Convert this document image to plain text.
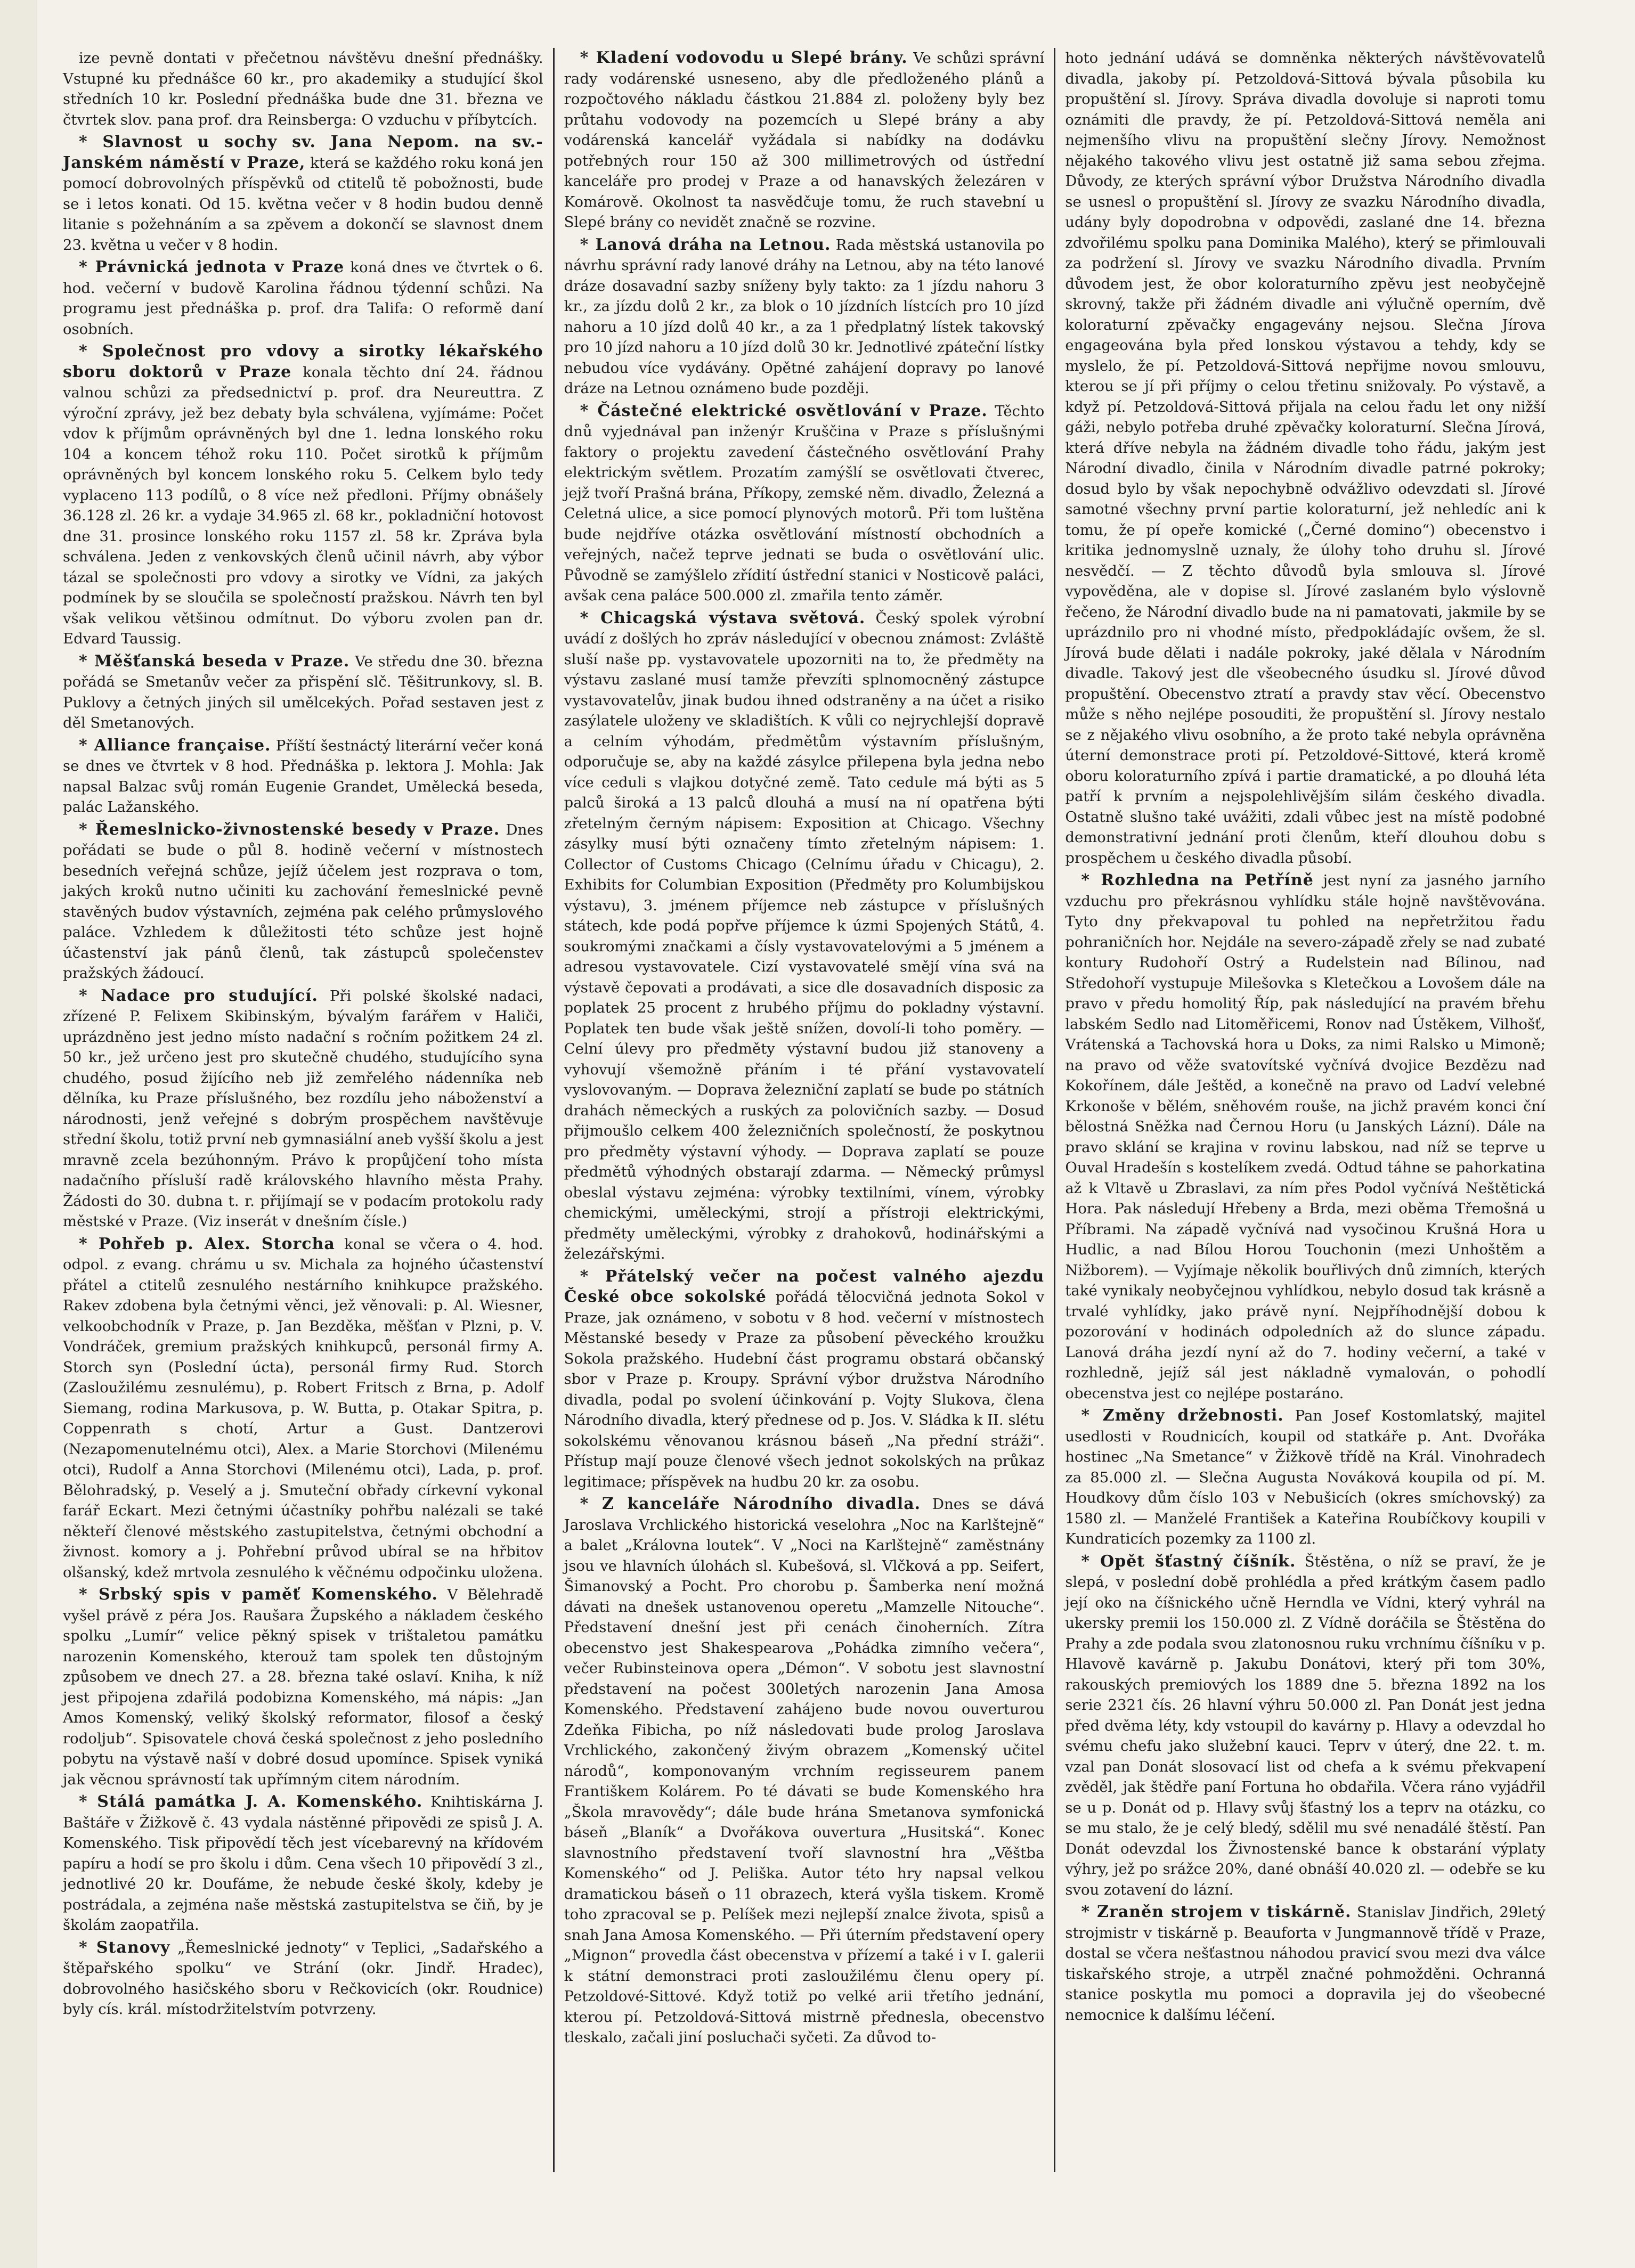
ize pevně dontati v přečetnou návštěvu dnešní přednášky. Vstupné ku přednášce 60 kr., pro akademiky a studující škol středních 10 kr. Poslední přednáška bude dne 31. března ve čtvrtek slov. pana prof. dra Reinsberga: O vzduchu v příbytcích.

* Slavnost u sochy sv. Jana Nepom. na sv.-Janském náměstí v Praze, která se každého roku koná jen pomocí dobrovolných příspěvků od ctitelů tě pobožnosti, bude se i letos konati. Od 15. května večer v 8 hodin budou denně litanie s požehnáním a sa zpěvem a dokončí se slavnost dnem 23. května u večer v 8 hodin.

* Právnická jednota v Praze koná dnes ve čtvrtek o 6. hod. večerní v budově Karolina řádnou týdenní schůzi. Na programu jest přednáška p. prof. dra Talifa: O reformě daní osobních.

* Společnost pro vdovy a sirotky lékařského sboru doktorů v Praze konala těchto dní 24. řádnou valnou schůzi za předsednictví p. prof. dra Neureuttra. Z výroční zprávy, jež bez debaty byla schválena, vyjímáme: Počet vdov k příjmům oprávněných byl dne 1. ledna lonského roku 104 a koncem téhož roku 110. Počet sirotků k příjmům oprávněných byl koncem lonského roku 5. Celkem bylo tedy vyplaceno 113 podílů, o 8 více než předloni. Příjmy obnášely 36.128 zl. 26 kr. a vydaje 34.965 zl. 68 kr., pokladniční hotovost dne 31. prosince lonského roku 1157 zl. 58 kr. Zpráva byla schválena. Jeden z venkovských členů učinil návrh, aby výbor tázal se společnosti pro vdovy a sirotky ve Vídni, za jakých podmínek by se sloučila se společností pražskou. Návrh ten byl však velikou většinou odmítnut. Do výboru zvolen pan dr. Edvard Taussig.

* Měšťanská beseda v Praze. Ve středu dne 30. března pořádá se Smetanův večer za přispění slč. Těšitrunkovy, sl. B. Puklovy a četných jiných sil umělcekých. Pořad sestaven jest z děl Smetanových.

* Alliance française. Příští šestnáctý literární večer koná se dnes ve čtvrtek v 8 hod. Přednáška p. lektora J. Mohla: Jak napsal Balzac svůj román Eugenie Grandet, Umělecká beseda, palác Lažanského.

* Řemeslnicko-živnostenské besedy v Praze. Dnes pořádati se bude o půl 8. hodině večerní v místnostech besedních veřejná schůze, jejíž účelem jest rozprava o tom, jakých kroků nutno učiniti ku zachování řemeslnické pevně stavěných budov výstavních, zejména pak celého průmyslového paláce. Vzhledem k důležitosti této schůze jest hojně účastenství jak pánů členů, tak zástupců společenstev pražských žádoucí.

* Nadace pro studující. Při polské školské nadaci, zřízené P. Felixem Skibinským, bývalým farářem v Haliči, uprázdněno jest jedno místo nadační s ročním požitkem 24 zl. 50 kr., jež určeno jest pro skutečně chudého, studujícího syna chudého, posud žijícího neb již zemřelého nádenníka neb dělníka, ku Praze příslušného, bez rozdílu jeho náboženství a národnosti, jenž veřejné s dobrým prospěchem navštěvuje střední školu, totiž první neb gymnasiální aneb vyšší školu a jest mravně zcela bezúhonným. Právo k propůjčení toho místa nadačního přísluší radě královského hlavního města Prahy. Žádosti do 30. dubna t. r. přijímají se v podacím protokolu rady městské v Praze. (Viz inserát v dnešním čísle.)

* Pohřeb p. Alex. Storcha konal se včera o 4. hod. odpol. z evang. chrámu u sv. Michala za hojného účastenství přátel a ctitelů zesnulého nestárního knihkupce pražského. Rakev zdobena byla četnými věnci, jež věnovali: p. Al. Wiesner, velkoobchodník v Praze, p. Jan Bezděka, měšťan v Plzni, p. V. Vondráček, gremium pražských knihkupců, personál firmy A. Storch syn (Poslední úcta), personál firmy Rud. Storch (Zasloužilému zesnulému), p. Robert Fritsch z Brna, p. Adolf Siemang, rodina Markusova, p. W. Butta, p. Otakar Spitra, p. Coppenrath s chotí, Artur a Gust. Dantzerovi (Nezapomenutelnému otci), Alex. a Marie Storchovi (Milenému otci), Rudolf a Anna Storchovi (Milenému otci), Lada, p. prof. Bělohradský, p. Veselý a j. Smuteční obřady církevní vykonal farář Eckart. Mezi četnými účastníky pohřbu nalézali se také někteří členové městského zastupitelstva, četnými obchodní a živnost. komory a j. Pohřební průvod ubíral se na hřbitov olšanský, kdež mrtvola zesnulého k věčnému odpočinku uložena.

* Srbský spis v paměť Komenského. V Bělehradě vyšel právě z péra Jos. Raušara Župského a nákladem českého spolku „Lumír“ velice pěkný spisek v trištaletou památku narozenin Komenského, kterouž tam spolek ten důstojným způsobem ve dnech 27. a 28. března také oslaví. Kniha, k níž jest připojena zdařilá podobizna Komenského, má nápis: „Jan Amos Komenský, veliký školský reformator, filosof a český rodoljub“. Spisovatele chová česká společnost z jeho posledního pobytu na výstavě naší v dobré dosud upomínce. Spisek vyniká jak věcnou správností tak upřímným citem národním.

* Stálá památka J. A. Komenského. Knihtiskárna J. Baštáře v Žižkově č. 43 vydala nástěnné připovědi ze spisů J. A. Komenského. Tisk připovědí těch jest vícebarevný na křídovém papíru a hodí se pro školu i dům. Cena všech 10 připovědí 3 zl., jednotlivé 20 kr. Doufáme, že nebude české školy, kdeby je postrádala, a zejména naše městská zastupitelstva se čiň, by je školám zaopatřila.

* Stanovy „Řemeslnické jednoty“ v Teplici, „Sadařského a štěpařského spolku“ ve Strání (okr. Jindř. Hradec), dobrovolného hasičského sboru v Rečkovicích (okr. Roudnice) byly cís. král. místodržitelstvím potvrzeny.

* Kladení vodovodu u Slepé brány. Ve schůzi správní rady vodárenské usneseno, aby dle předloženého plánů a rozpočtového nákladu částkou 21.884 zl. položeny byly bez průtahu vodovody na pozemcích u Slepé brány a aby vodárenská kancelář vyžádala si nabídky na dodávku potřebných rour 150 až 300 millimetrových od ústřední kanceláře pro prodej v Praze a od hanavských železáren v Komárově. Okolnost ta nasvědčuje tomu, že ruch stavební u Slepé brány co nevidět značně se rozvine.

* Lanová dráha na Letnou. Rada městská ustanovila po návrhu správní rady lanové dráhy na Letnou, aby na této lanové dráze dosavadní sazby sníženy byly takto: za 1 jízdu nahoru 3 kr., za jízdu dolů 2 kr., za blok o 10 jízdních lístcích pro 10 jízd nahoru a 10 jízd dolů 40 kr., a za 1 předplatný lístek takovský pro 10 jízd nahoru a 10 jízd dolů 30 kr. Jednotlivé zpáteční lístky nebudou více vydávány. Opětné zahájení dopravy po lanové dráze na Letnou oznámeno bude později.

* Částečné elektrické osvětlování v Praze. Těchto dnů vyjednával pan inženýr Kruščina v Praze s příslušnými faktory o projektu zavedení částečného osvětlování Prahy elektrickým světlem. Prozatím zamýšlí se osvětlovati čtverec, jejž tvoří Prašná brána, Příkopy, zemské něm. divadlo, Železná a Celetná ulice, a sice pomocí plynových motorů. Při tom luštěna bude nejdříve otázka osvětlování místností obchodních a veřejných, načež teprve jednati se buda o osvětlování ulic. Původně se zamýšlelo zřídití ústřední stanici v Nosticově paláci, avšak cena paláce 500.000 zl. zmařila tento záměr.

* Chicagská výstava světová. Český spolek výrobní uvádí z došlých ho zpráv následující v obecnou známost: Zvláště sluší naše pp. vystavovatele upozorniti na to, že předměty na výstavu zaslané musí tamže převzíti splnomocněný zástupce vystavovatelův, jinak budou ihned odstraněny a na účet a risiko zasýlatele uloženy ve skladištích. K vůli co nejrychlejší dopravě a celním výhodám, předmětům výstavním příslušným, odporučuje se, aby na každé zásylce přilepena byla jedna nebo více ceduli s vlajkou dotyčné země. Tato cedule má býti as 5 palců široká a 13 palců dlouhá a musí na ní opatřena býti zřetelným černým nápisem: Exposition at Chicago. Všechny zásylky musí býti označeny tímto zřetelným nápisem: 1. Collector of Customs Chicago (Celnímu úřadu v Chicagu), 2. Exhibits for Columbian Exposition (Předměty pro Kolumbijskou výstavu), 3. jménem příjemce neb zástupce v příslušných státech, kde podá popřve příjemce k úzmi Spojených Států, 4. soukromými značkami a čísly vystavovatelovými a 5 jménem a adresou vystavovatele. Cizí vystavovatelé smějí vína svá na výstavě čepovati a prodávati, a sice dle dosavadních disposic za poplatek 25 procent z hrubého příjmu do pokladny výstavní. Poplatek ten bude však ještě snížen, dovolí-li toho poměry. — Celní úlevy pro předměty výstavní budou již stanoveny a vyhovují všemožně přáním i té přání vystavovatelí vyslovovaným. — Doprava železniční zaplatí se bude po státních drahách německých a ruských za polovičních sazby. — Dosud přijmoušlo celkem 400 železničních společností, že poskytnou pro předměty výstavní výhody. — Doprava zaplatí se pouze předmětů výhodných obstarají zdarma. — Německý průmysl obeslal výstavu zejména: výrobky textilními, vínem, výrobky chemickými, uměleckými, strojí a přístroji elektrickými, předměty uměleckými, výrobky z drahokovů, hodinářskými a železářskými.

* Přátelský večer na počest valného ajezdu České obce sokolské pořádá tělocvičná jednota Sokol v Praze, jak oznámeno, v sobotu v 8 hod. večerní v místnostech Městanské besedy v Praze za působení pěveckého kroužku Sokola pražského. Hudební část programu obstará občanský sbor v Praze p. Kroupy. Správní výbor družstva Národního divadla, podal po svolení účinkování p. Vojty Slukova, člena Národního divadla, který přednese od p. Jos. V. Sládka k II. slétu sokolskému věnovanou krásnou báseň „Na přední stráži“. Přístup mají pouze členové všech jednot sokolských na průkaz legitimace; příspěvek na hudbu 20 kr. za osobu.

* Z kanceláře Národního divadla. Dnes se dává Jaroslava Vrchlického historická veselohra „Noc na Karlštejně“ a balet „Královna loutek“. V „Noci na Karlštejně“ zaměstnány jsou ve hlavních úlohách sl. Kubešová, sl. Vlčková a pp. Seifert, Šimanovský a Pocht. Pro chorobu p. Šamberka není možná dávati na dnešek ustanovenou operetu „Mamzelle Nitouche“. Představení dnešní jest při cenách činoherních. Zítra obecenstvo jest Shakespearova „Pohádka zimního večera“, večer Rubinsteinova opera „Démon“. V sobotu jest slavnostní představení na počest 300letých narozenin Jana Amosa Komenského. Představení zahájeno bude novou ouverturou Zdeňka Fibicha, po níž následovati bude prolog Jaroslava Vrchlického, zakončený živým obrazem „Komenský učitel národů“, komponovaným vrchním regisseurem panem Františkem Kolárem. Po té dávati se bude Komenského hra „Škola mravovědy“; dále bude hrána Smetanova symfonická báseň „Blaník“ a Dvořákova ouvertura „Husitská“. Konec slavnostního představení tvoří slavnostní hra „Věštba Komenského“ od J. Peliška. Autor této hry napsal velkou dramatickou báseň o 11 obrazech, která vyšla tiskem. Kromě toho zpracoval se p. Pelíšek mezi nejlepší znalce života, spisů a snah Jana Amosa Komenského. — Při úterním představení opery „Mignon“ provedla část obecenstva v přízemí a také i v I. galerii k státní demonstraci proti zasloužilému členu opery pí. Petzoldové-Sittové. Když totiž po velké arii třetího jednání, kterou pí. Petzoldová-Sittová mistrně přednesla, obecenstvo tleskalo, začali jiní posluchači syčeti. Za důvod to-

hoto jednání udává se domněnka některých návštěvovatelů divadla, jakoby pí. Petzoldová-Sittová bývala působila ku propuštění sl. Jírovy. Správa divadla dovoluje si naproti tomu oznámiti dle pravdy, že pí. Petzoldová-Sittová neměla ani nejmenšího vlivu na propuštění slečny Jírovy. Nemožnost nějakého takového vlivu jest ostatně již sama sebou zřejma. Důvody, ze kterých správní výbor Družstva Národního divadla se usnesl o propuštění sl. Jírovy ze svazku Národního divadla, udány byly dopodrobna v odpovědi, zaslané dne 14. března zdvořilému spolku pana Dominika Malého), který se přimlouvali za podržení sl. Jírovy ve svazku Národního divadla. Prvním důvodem jest, že obor koloraturního zpěvu jest neobyčejně skrovný, takže při žádném divadle ani výlučně operním, dvě koloraturní zpěvačky engagevány nejsou. Slečna Jírova engageována byla před lonskou výstavou a tehdy, kdy se myslelo, že pí. Petzoldová-Sittová nepřijme novou smlouvu, kterou se jí při příjmy o celou třetinu snižovaly. Po výstavě, a když pí. Petzoldová-Sittová přijala na celou řadu let ony nižší gáži, nebylo potřeba druhé zpěvačky koloraturní. Slečna Jírová, která dříve nebyla na žádném divadle toho řádu, jakým jest Národní divadlo, činila v Národním divadle patrné pokroky; dosud bylo by však nepochybně odvážlivo odevzdati sl. Jírové samotné všechny první partie koloraturní, jež nehledíc ani k tomu, že pí opeře komické („Černé domino“) obecenstvo i kritika jednomyslně uznaly, že úlohy toho druhu sl. Jírové nesvědčí. — Z těchto důvodů byla smlouva sl. Jírové vypověděna, ale v dopise sl. Jírové zaslaném bylo výslovně řečeno, že Národní divadlo bude na ni pamatovati, jakmile by se uprázdnilo pro ni vhodné místo, předpokládajíc ovšem, že sl. Jírová bude dělati i nadále pokroky, jaké dělala v Národním divadle. Takový jest dle všeobecného úsudku sl. Jírové důvod propuštění. Obecenstvo ztratí a pravdy stav věcí. Obecenstvo může s něho nejlépe posouditi, že propuštění sl. Jírovy nestalo se z nějakého vlivu osobního, a že proto také nebyla oprávněna úterní demonstrace proti pí. Petzoldové-Sittové, která kromě oboru koloraturního zpívá i partie dramatické, a po dlouhá léta patří k prvním a nejspolehlivějším silám českého divadla. Ostatně slušno také uvážiti, zdali vůbec jest na místě podobné demonstrativní jednání proti členům, kteří dlouhou dobu s prospěchem u českého divadla působí.

* Rozhledna na Petříně jest nyní za jasného jarního vzduchu pro překrásnou vyhlídku stále hojně navštěvována. Tyto dny překvapoval tu pohled na nepřetržitou řadu pohraničních hor. Nejdále na severo-západě zřely se nad zubaté kontury Rudohoří Ostrý a Rudelstein nad Bílinou, nad Středohoří vystupuje Milešovka s Kletečkou a Lovošem dále na pravo v předu homolitý Říp, pak následující na pravém břehu labském Sedlo nad Litoměřicemi, Ronov nad Ústěkem, Vilhošť, Vrátenská a Tachovská hora u Doks, za nimi Ralsko u Mimoně; na pravo od věže svatovítské vyčnívá dvojice Bezdězu nad Kokořínem, dále Ještěd, a konečně na pravo od Ladví velebné Krkonoše v bělém, sněhovém rouše, na jichž pravém konci ční bělostná Sněžka nad Černou Horu (u Janských Lázní). Dále na pravo sklání se krajina v rovinu labskou, nad níž se teprve u Ouval Hradešín s kostelíkem zvedá. Odtud táhne se pahorkatina až k Vltavě u Zbraslavi, za ním přes Podol vyčnívá Neštětická Hora. Pak následují Hřebeny a Brda, mezi oběma Třemošná u Příbrami. Na západě vyčnívá nad vysočinou Krušná Hora u Hudlic, a nad Bílou Horou Touchonin (mezi Unhoštěm a Nižborem). — Vyjímaje několik bouřlivých dnů zimních, kterých také vynikaly neobyčejnou vyhlídkou, nebylo dosud tak krásně a trvalé vyhlídky, jako právě nyní. Nejpříhodnější dobou k pozorování v hodinách odpoledních až do slunce západu. Lanová dráha jezdí nyní až do 7. hodiny večerní, a také v rozhledně, jejíž sál jest nákladně vymalován, o pohodlí obecenstva jest co nejlépe postaráno.

* Změny držebnosti. Pan Josef Kostomlatský, majitel usedlosti v Roudnicích, koupil od statkáře p. Ant. Dvořáka hostinec „Na Smetance“ v Žižkově třídě na Král. Vinohradech za 85.000 zl. — Slečna Augusta Nováková koupila od pí. M. Houdkovy dům číslo 103 v Nebušicích (okres smíchovský) za 1580 zl. — Manželé František a Kateřina Roubíčkovy koupili v Kundraticích pozemky za 1100 zl.

* Opět šťastný číšník. Štěstěna, o níž se praví, že je slepá, v poslední době prohlédla a před krátkým časem padlo její oko na číšnického učně Herndla ve Vídni, který vyhrál na ukersky premii los 150.000 zl. Z Vídně doráčila se Štěstěna do Prahy a zde podala svou zlatonosnou ruku vrchnímu číšníku v p. Hlavově kavárně p. Jakubu Donátovi, který při tom 30%, rakouských premiových los 1889 dne 5. března 1892 na los serie 2321 čís. 26 hlavní výhru 50.000 zl. Pan Donát jest jedna před dvěma léty, kdy vstoupil do kavárny p. Hlavy a odevzdal ho svému chefu jako služební kauci. Teprv v úterý, dne 22. t. m. vzal pan Donát slosovací list od chefa a k svému překvapení zvěděl, jak štědře paní Fortuna ho obdařila. Včera ráno vyjádřil se u p. Donát od p. Hlavy svůj šťastný los a teprv na otázku, co se mu stalo, že je celý bledý, sdělil mu své nenadálé štěstí. Pan Donát odevzdal los Živnostenské bance k obstarání výplaty výhry, jež po srážce 20%, dané obnáší 40.020 zl. — odebře se ku svou zotavení do lázní.

* Zraněn strojem v tiskárně. Stanislav Jindřich, 29letý strojmistr v tiskárně p. Beaufortа v Jungmannově třídě v Praze, dostal se včera nešťastnou náhodou pravicí svou mezi dva válce tiskařského stroje, a utrpěl značné pohmožděni. Ochranná stanice poskytla mu pomoci a dopravila jej do všeobecné nemocnice k dalšímu léčení.
